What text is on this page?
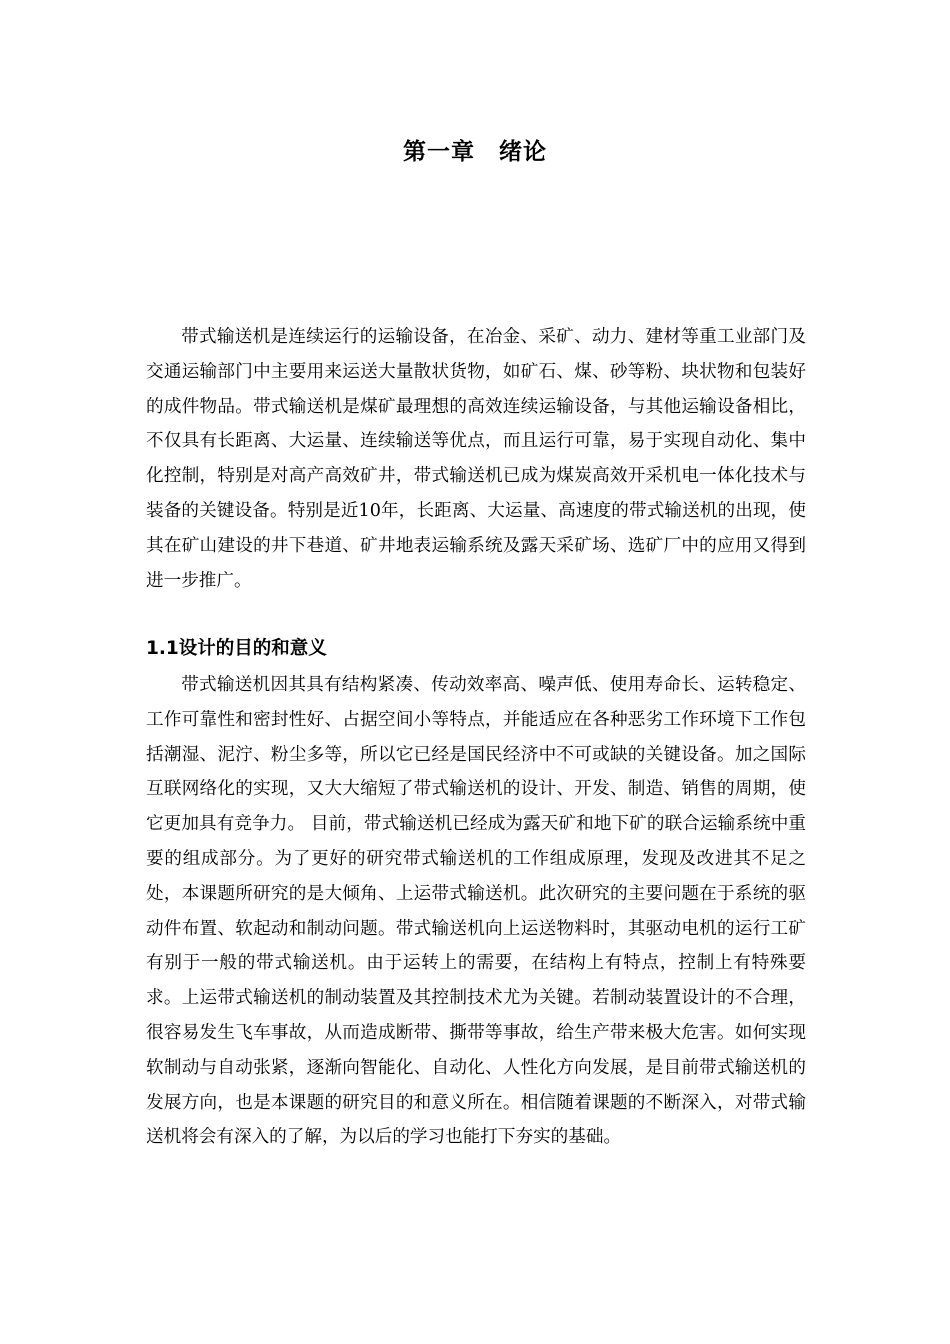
第一章　绪论

带式输送机是连续运行的运输设备，在冶金、采矿、动力、建材等重工业部门及交通运输部门中主要用来运送大量散状货物，如矿石、煤、砂等粉、块状物和包装好的成件物品。带式输送机是煤矿最理想的高效连续运输设备，与其他运输设备相比，不仅具有长距离、大运量、连续输送等优点，而且运行可靠，易于实现自动化、集中化控制，特别是对高产高效矿井，带式输送机已成为煤炭高效开采机电一体化技术与装备的关键设备。特别是近10年，长距离、大运量、高速度的带式输送机的出现，使其在矿山建设的井下巷道、矿井地表运输系统及露天采矿场、选矿厂中的应用又得到进一步推广。

1.1设计的目的和意义

带式输送机因其具有结构紧凑、传动效率高、噪声低、使用寿命长、运转稳定、工作可靠性和密封性好、占据空间小等特点，并能适应在各种恶劣工作环境下工作包括潮湿、泥泞、粉尘多等，所以它已经是国民经济中不可或缺的关键设备。加之国际互联网络化的实现，又大大缩短了带式输送机的设计、开发、制造、销售的周期，使它更加具有竞争力。 目前，带式输送机已经成为露天矿和地下矿的联合运输系统中重要的组成部分。为了更好的研究带式输送机的工作组成原理，发现及改进其不足之处，本课题所研究的是大倾角、上运带式输送机。此次研究的主要问题在于系统的驱动件布置、软起动和制动问题。带式输送机向上运送物料时，其驱动电机的运行工矿有别于一般的带式输送机。由于运转上的需要，在结构上有特点，控制上有特殊要求。上运带式输送机的制动装置及其控制技术尤为关键。若制动装置设计的不合理，很容易发生飞车事故，从而造成断带、撕带等事故，给生产带来极大危害。如何实现软制动与自动张紧，逐渐向智能化、自动化、人性化方向发展，是目前带式输送机的发展方向，也是本课题的研究目的和意义所在。相信随着课题的不断深入，对带式输送机将会有深入的了解，为以后的学习也能打下夯实的基础。
